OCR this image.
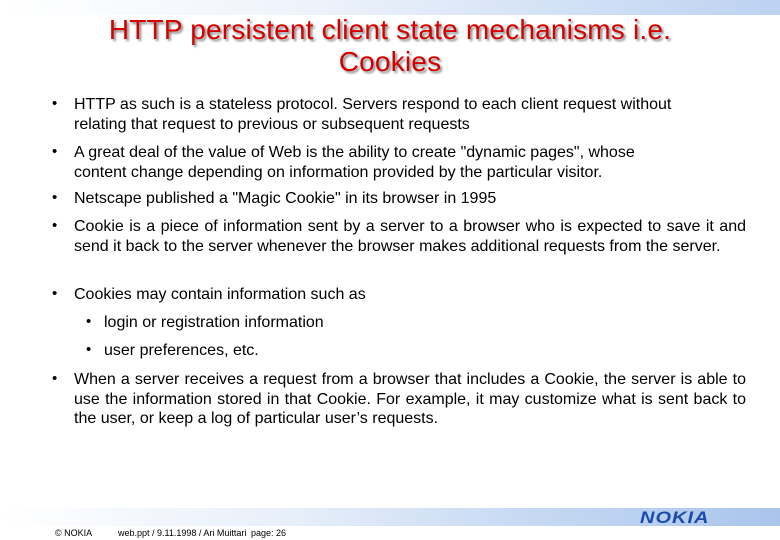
HTTP persistent client state mechanisms i.e.
Cookies
•	HTTP as such is a stateless protocol. Servers respond to each client request without
relating that request to previous or subsequent requests
•	A great deal of the value of Web is the ability to create "dynamic pages", whose
content change depending on information provided by the particular visitor.
•	Netscape published a "Magic Cookie" in its browser in 1995
•	Cookie is a piece of information sent by a server to a browser who is expected to save it and send it back to the server whenever the browser makes additional requests from the server.
•	Cookies may contain information such as
• login or registration information
• user preferences, etc.
•	When a server receives a request from a browser that includes a Cookie, the server is able to use the information stored in that Cookie. For example, it may customize what is sent back to the user, or keep a log of particular user’s requests.
NOKIA
© NOKIA	web.ppt / 9.11.1998 / Ari Muittari page: 26
